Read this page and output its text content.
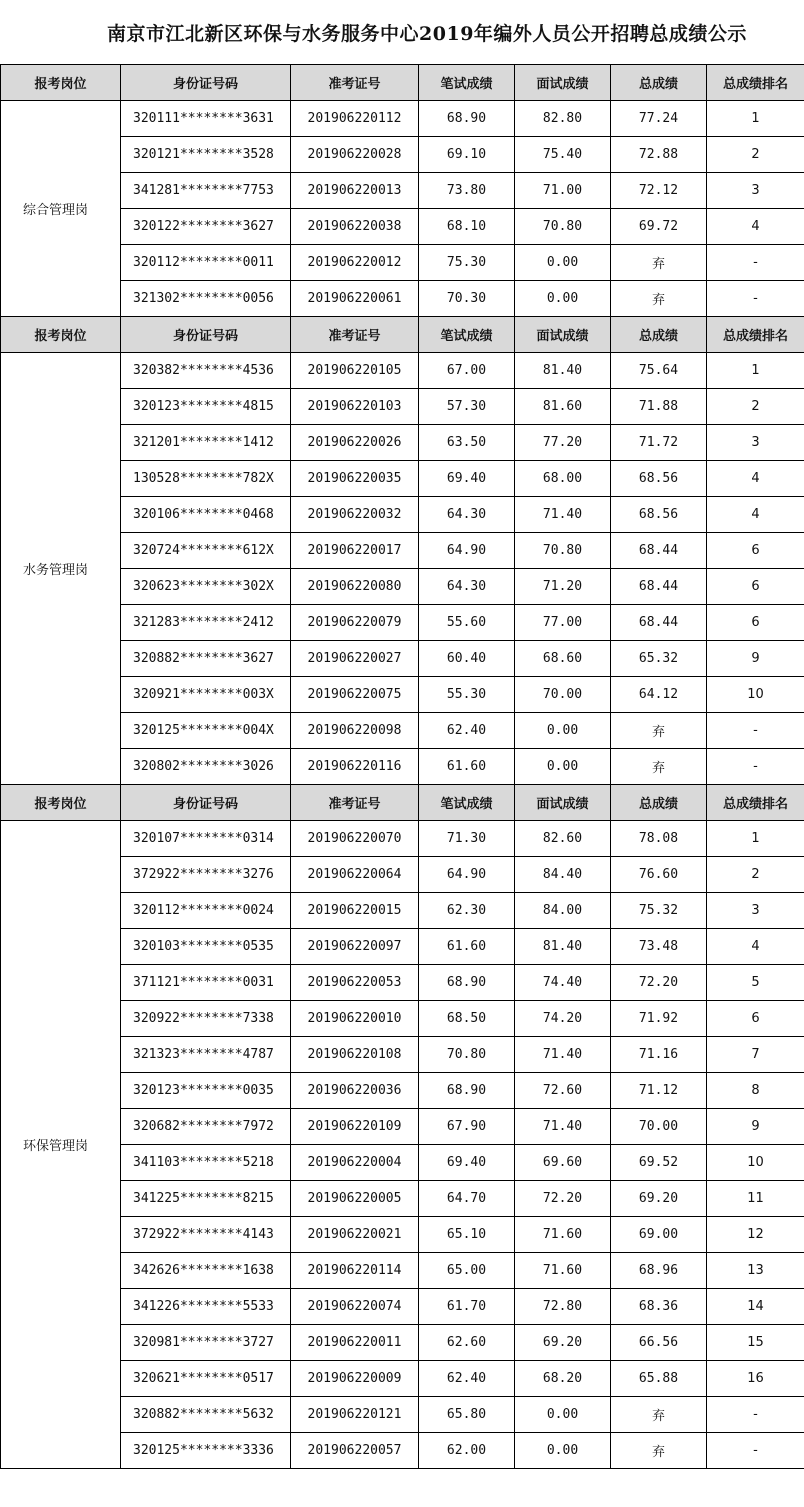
南京市江北新区环保与水务服务中心2019年编外人员公开招聘总成绩公示
报考岗位	身份证号码	准考证号	笔试成绩	面试成绩	总成绩	总成绩排名
综合管理岗	320111********3631	201906220112	68.90	82.80	77.24	1
	320121********3528	201906220028	69.10	75.40	72.88	2
	341281********7753	201906220013	73.80	71.00	72.12	3
	320122********3627	201906220038	68.10	70.80	69.72	4
	320112********0011	201906220012	75.30	0.00	弃	-
	321302********0056	201906220061	70.30	0.00	弃	-
报考岗位	身份证号码	准考证号	笔试成绩	面试成绩	总成绩	总成绩排名
水务管理岗	320382********4536	201906220105	67.00	81.40	75.64	1
	320123********4815	201906220103	57.30	81.60	71.88	2
	321201********1412	201906220026	63.50	77.20	71.72	3
	130528********782X	201906220035	69.40	68.00	68.56	4
	320106********0468	201906220032	64.30	71.40	68.56	4
	320724********612X	201906220017	64.90	70.80	68.44	6
	320623********302X	201906220080	64.30	71.20	68.44	6
	321283********2412	201906220079	55.60	77.00	68.44	6
	320882********3627	201906220027	60.40	68.60	65.32	9
	320921********003X	201906220075	55.30	70.00	64.12	10
	320125********004X	201906220098	62.40	0.00	弃	-
	320802********3026	201906220116	61.60	0.00	弃	-
报考岗位	身份证号码	准考证号	笔试成绩	面试成绩	总成绩	总成绩排名
环保管理岗	320107********0314	201906220070	71.30	82.60	78.08	1
	372922********3276	201906220064	64.90	84.40	76.60	2
	320112********0024	201906220015	62.30	84.00	75.32	3
	320103********0535	201906220097	61.60	81.40	73.48	4
	371121********0031	201906220053	68.90	74.40	72.20	5
	320922********7338	201906220010	68.50	74.20	71.92	6
	321323********4787	201906220108	70.80	71.40	71.16	7
	320123********0035	201906220036	68.90	72.60	71.12	8
	320682********7972	201906220109	67.90	71.40	70.00	9
	341103********5218	201906220004	69.40	69.60	69.52	10
	341225********8215	201906220005	64.70	72.20	69.20	11
	372922********4143	201906220021	65.10	71.60	69.00	12
	342626********1638	201906220114	65.00	71.60	68.96	13
	341226********5533	201906220074	61.70	72.80	68.36	14
	320981********3727	201906220011	62.60	69.20	66.56	15
	320621********0517	201906220009	62.40	68.20	65.88	16
	320882********5632	201906220121	65.80	0.00	弃	-
	320125********3336	201906220057	62.00	0.00	弃	-
